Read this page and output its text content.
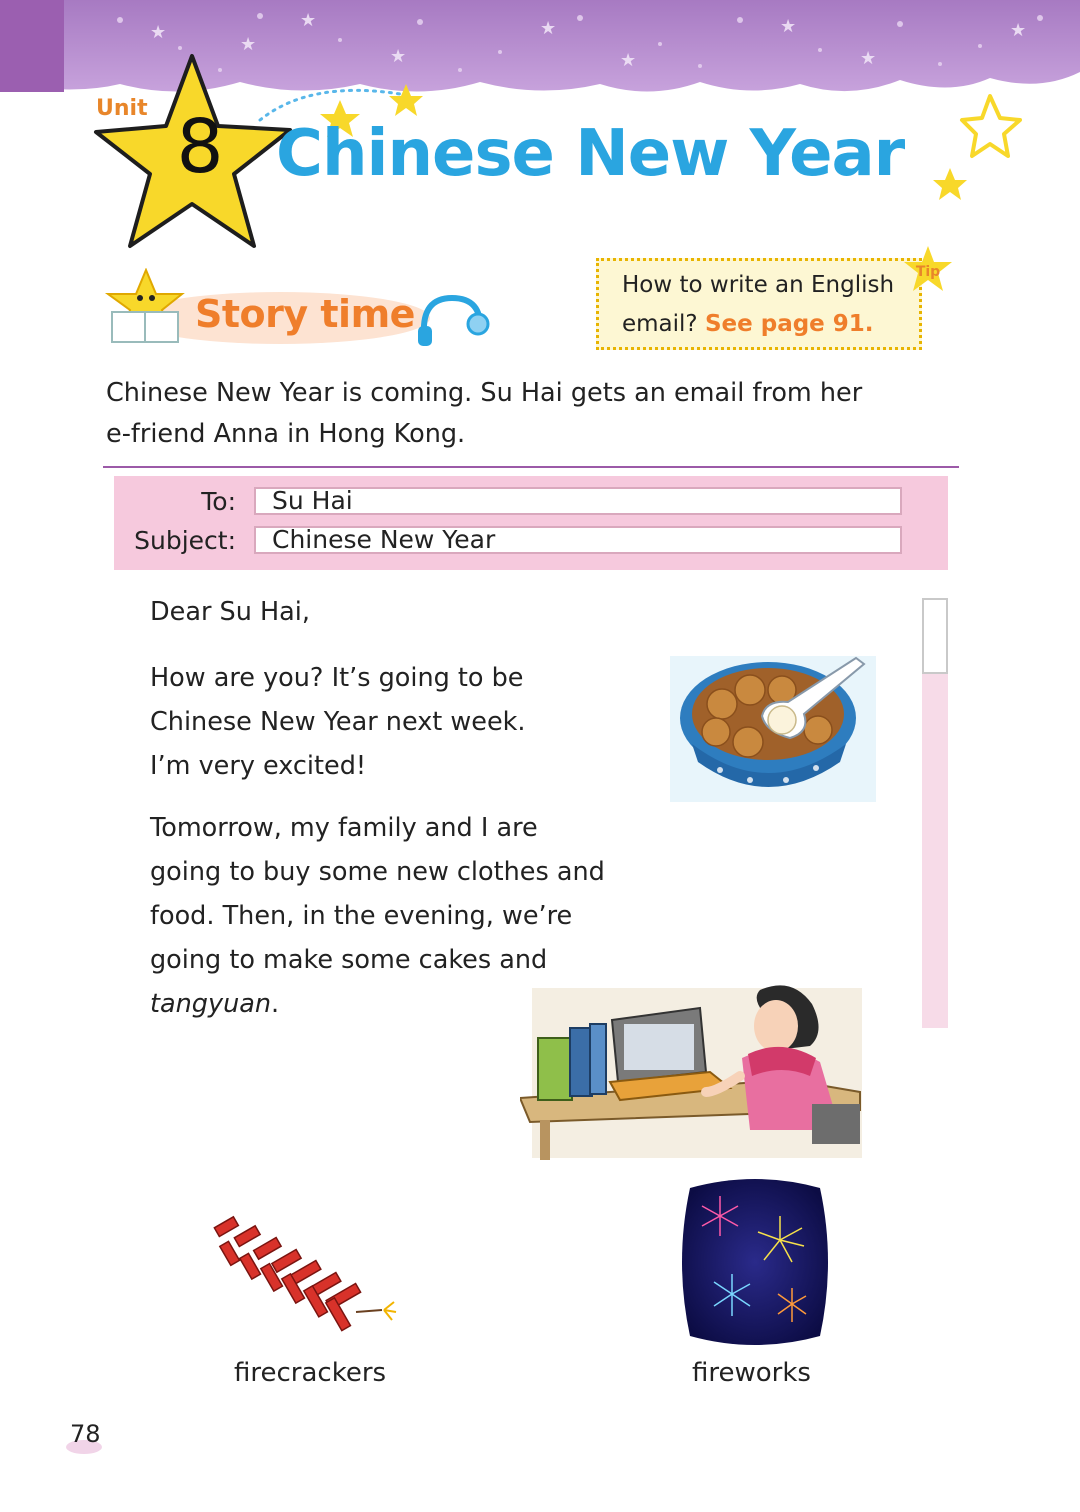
★
★
★
★
★
★
★
★
★
Unit 8 Chinese New Year
Story time
How to write an English
email? See page 91.
Tip
Chinese New Year is coming. Su Hai gets an email from her
e-friend Anna in Hong Kong.
To:
Subject:
Su Hai
Chinese New Year
Dear Su Hai,
How are you? It’s going to be
Chinese New Year next week.
I’m very excited!
Tomorrow, my family and I are
going to buy some new clothes and
food. Then, in the evening, we’re
going to make some cakes and
tangyuan.
firecrackers	fireworks
78
